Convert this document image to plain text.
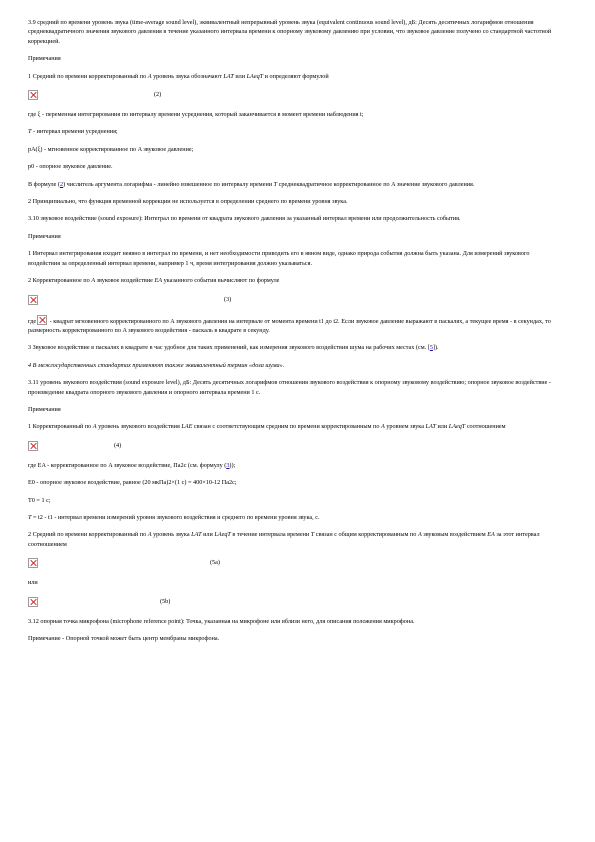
3.9 средний по времени уровень звука (time-average sound level), эквивалентный непрерывный уровень звука (equivalent continuous sound level), дБ: Десять десятичных логарифмов отношения среднеквадратичного значения звукового давления в течение указанного интервала времени к опорному звуковому давлению при условии, что звуковое давление получено со стандартной частотной коррекцией.

Примечания

1 Средний по времени корректированный по A уровень звука обозначают LAT или LAeqT и определяют формулой

(2)

где ξ - переменная интегрирования по интервалу времени усреднения, который заканчивается в момент времени наблюдения t;

T - интервал времени усреднения;

pA(ξ) - мгновенное корректированное по A звуковое давление;

p0 - опорное звуковое давление.

В формуле (2) числитель аргумента логарифма - линейно взвешенное по интервалу времени T среднеквадратичное корректированное по A значение звукового давления.

2 Принципиально, что функция временной коррекции не используется в определении среднего по времени уровня звука.

3.10 звуковое воздействие (sound exposure): Интеграл по времени от квадрата звукового давления за указанный интервал времени или продолжительность события.

Примечания

1 Интервал интегрирования входит неявно в интеграл по времени, и нет необходимости приводить его в явном виде, однако природа события должна быть указана. Для измерений звукового воздействия за определенный интервал времени, например 1 ч, время интегрирования должно указываться.

2 Корректированное по A звуковое воздействие EA указанного события вычисляют по формуле

(3)

где - квадрат мгновенного корректированного по A звукового давления на интервале от момента времени t1 до t2. Если звуковое давление выражают в паскалях, а текущее время - в секундах, то размерность корректированного по A звукового воздействия - паскаль в квадрате в секунду.

3 Звуковое воздействие в паскалях в квадрате в час удобное для таких применений, как измерения звукового воздействия шума на рабочих местах (см. [5]).

4 В межгосударственных стандартах применяют также эквивалентный термин «доза шума».

3.11 уровень звукового воздействия (sound exposure level), дБ: Десять десятичных логарифмов отношения звукового воздействия к опорному звуковому воздействию; опорное звуковое воздействие - произведение квадрата опорного звукового давления и опорного интервала времени 1 с.

Примечания

1 Корректированный по A уровень звукового воздействия LAE связан с соответствующим средним по времени корректированным по A уровнем звука LAT или LAeqT соотношением

(4)

где EA - корректированное по A звуковое воздействие, Па2с (см. формулу (3));

E0 - опорное звуковое воздействие, равное (20 мкПа)2×(1 с) = 400×10-12 Па2с;

T0 = 1 с;

T = t2 - t1 - интервал времени измерений уровня звукового воздействия и среднего по времени уровня звука, с.

2 Средний по времени корректированный по A уровень звука LAT или LAeqT в течение интервала времени T связан с общим корректированным по A звуковым воздействием EA за этот интервал соотношением

(5a)

или

(5b)

3.12 опорная точка микрофона (microphone reference point): Точка, указанная на микрофоне или вблизи него, для описания положения микрофона.

Примечание - Опорной точкой может быть центр мембраны микрофона.
